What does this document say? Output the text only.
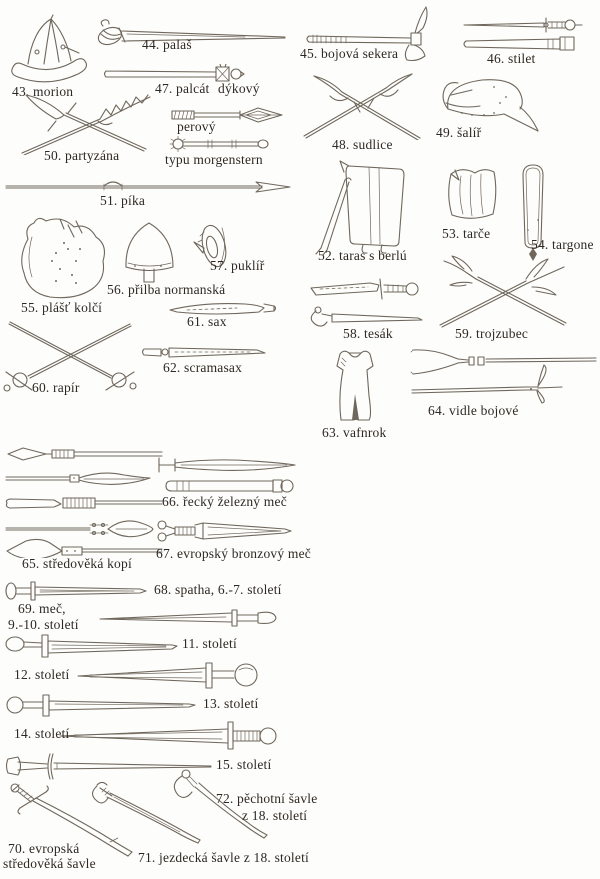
43. morion
44. palaš
47. palcát dýkový
perový
typu morgenstern
50. partyzána
51. píka
45. bojová sekera	46. stilet
48. sudlice
49. šalíř
52. taras s berlú
53. tarče
54. targone
55. plášť kolčí
56. přilba normanská
57. puklíř
61. sax
60. rapír
62. scramasax
58. tesák	59. trojzubec
63. vafnrok
64. vidle bojové
65. středověká kopí
66. řecký železný meč
67. evropský bronzový meč
68. spatha, 6.-7. století
69. meč,
9.-10. století
11. století
12. století
13. století
14. století
15. století
70. evropská
středověká šavle	71. jezdecká šavle z 18. století
72. pěchotní šavle
z 18. století
